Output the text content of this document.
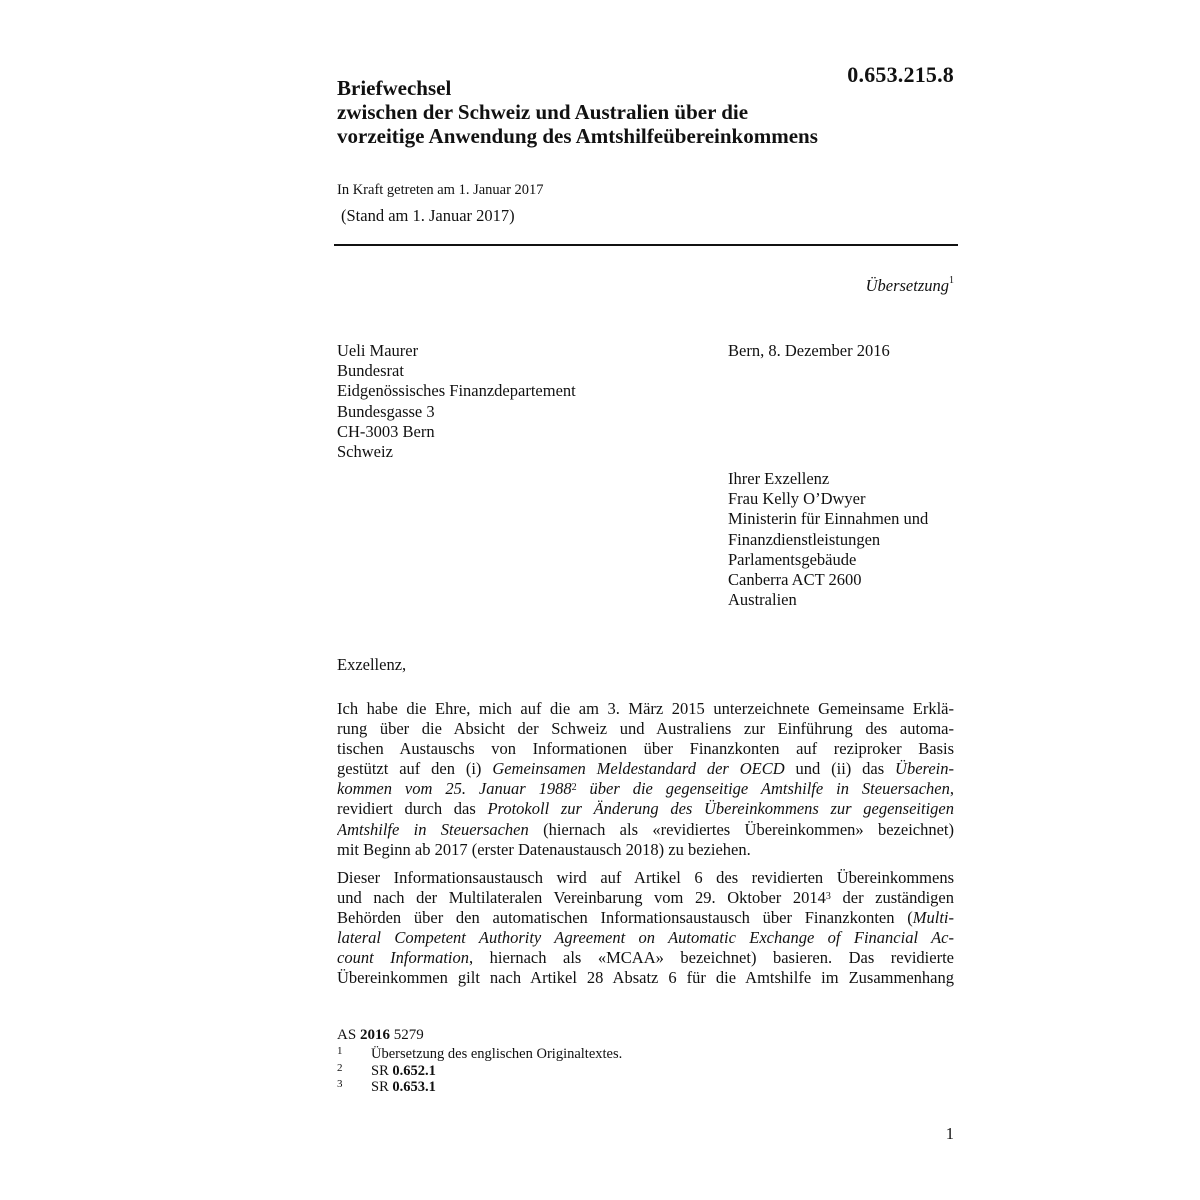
0.653.215.8
Briefwechsel
zwischen der Schweiz und Australien über die
vorzeitige Anwendung des Amtshilfeübereinkommens
In Kraft getreten am 1. Januar 2017
(Stand am 1. Januar 2017)
Übersetzung$^1$
Ueli Maurer
Bundesrat
Eidgenössisches Finanzdepartement
Bundesgasse 3
CH-3003 Bern
Schweiz
Bern, 8. Dezember 2016
Ihrer Exzellenz
Frau Kelly O’Dwyer
Ministerin für Einnahmen und
Finanzdienstleistungen
Parlamentsgebäude
Canberra ACT 2600
Australien
Exzellenz,
Ich habe die Ehre, mich auf die am 3. März 2015 unterzeichnete Gemeinsame Erklä-
rung über die Absicht der Schweiz und Australiens zur Einführung des automa-
tischen Austauschs von Informationen über Finanzkonten auf reziproker Basis
gestützt auf den (i) Gemeinsamen Meldestandard der OECD und (ii) das Überein-
kommen vom 25. Januar 1988$^2$ über die gegenseitige Amtshilfe in Steuersachen,
revidiert durch das Protokoll zur Änderung des Übereinkommens zur gegenseitigen
Amtshilfe in Steuersachen (hiernach als «revidiertes Übereinkommen» bezeichnet)
mit Beginn ab 2017 (erster Datenaustausch 2018) zu beziehen.
Dieser Informationsaustausch wird auf Artikel 6 des revidierten Übereinkommens
und nach der Multilateralen Vereinbarung vom 29. Oktober 2014$^3$ der zuständigen
Behörden über den automatischen Informationsaustausch über Finanzkonten (Multi-
lateral Competent Authority Agreement on Automatic Exchange of Financial Ac-
count Information, hiernach als «MCAA» bezeichnet) basieren. Das revidierte
Übereinkommen gilt nach Artikel 28 Absatz 6 für die Amtshilfe im Zusammenhang
AS 2016 5279
1 Übersetzung des englischen Originaltextes.
2 SR 0.652.1
3 SR 0.653.1
1
